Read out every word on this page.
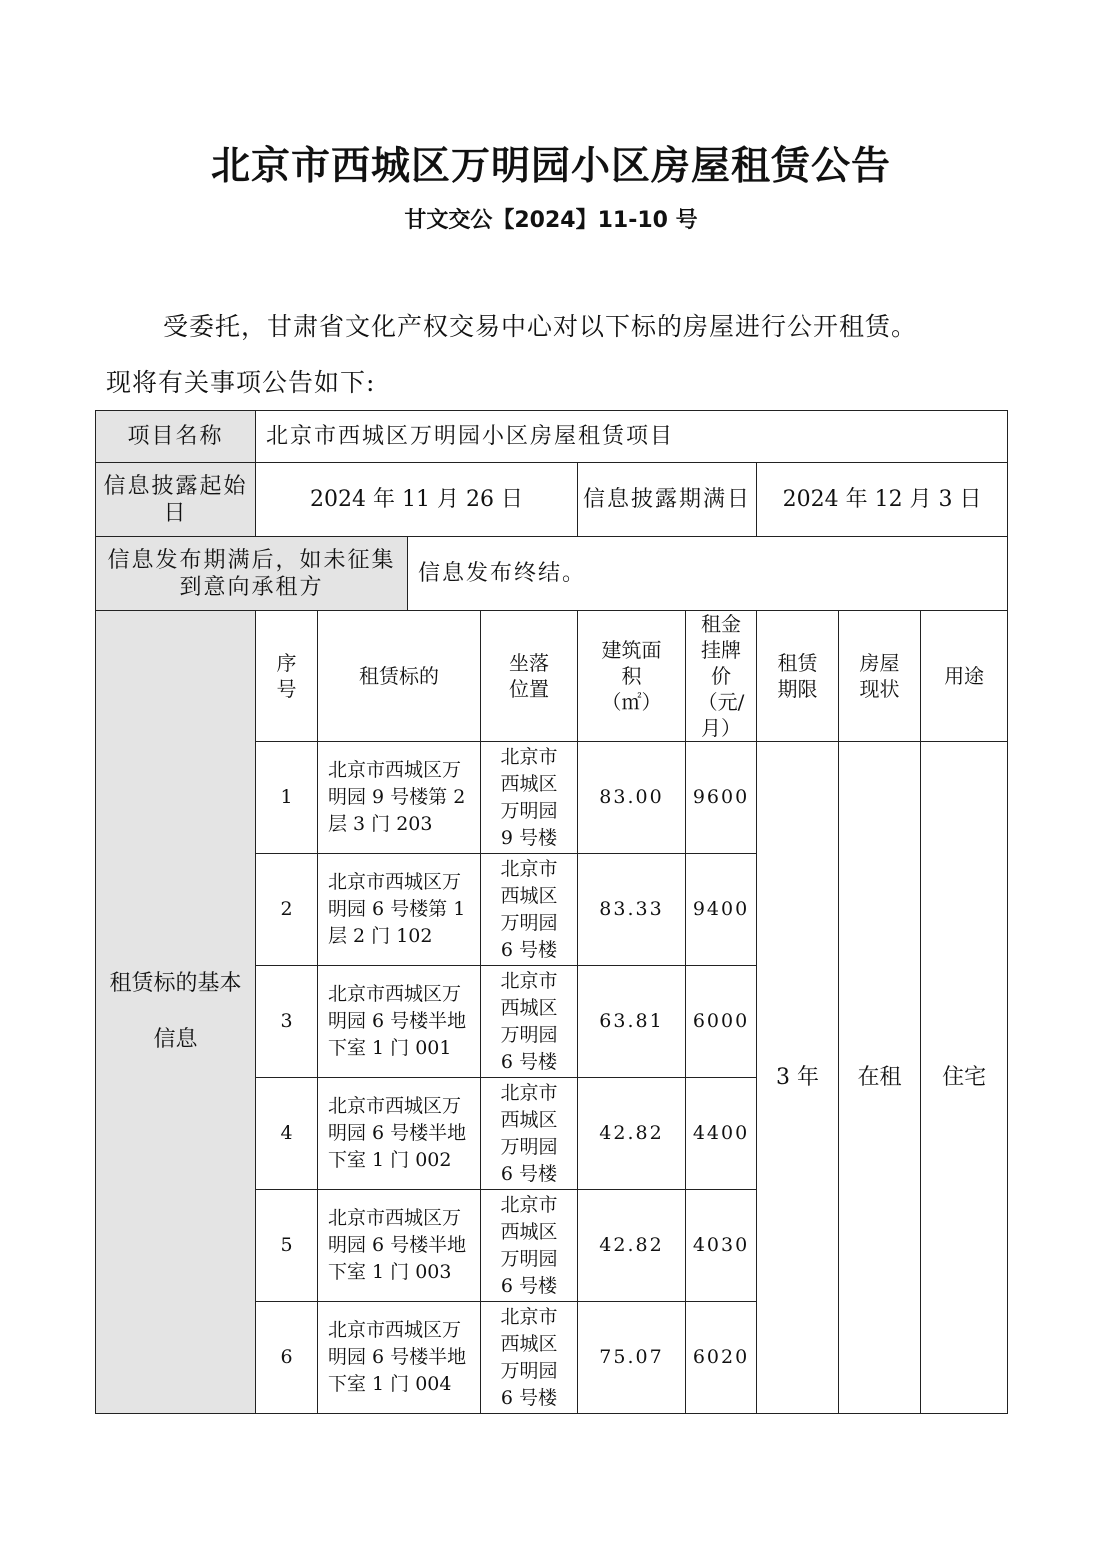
北京市西城区万明园小区房屋租赁公告
甘文交公【2024】11-10 号
受委托，甘肃省文化产权交易中心对以下标的房屋进行公开租赁。
现将有关事项公告如下:
项目名称	北京市西城区万明园小区房屋租赁项目								
信息披露起始日	2024 年 11 月 26 日				信息披露期满日		2024 年 12 月 3 日		
信息发布期满后，如未征集到意向承租方			信息发布终结。						
租赁标的基本信息	序号	租赁标的		坐落位置	建筑面积（㎡）	租金挂牌价（元/月）	租赁期限	房屋现状	用途
	1	北京市西城区万明园 9 号楼第 2 层 3 门 203		北京市西城区万明园 9 号楼	83.00	9600	3 年	在租	住宅
	2	北京市西城区万明园 6 号楼第 1 层 2 门 102		北京市西城区万明园 6 号楼	83.33	9400			
	3	北京市西城区万明园 6 号楼半地下室 1 门 001		北京市西城区万明园 6 号楼	63.81	6000			
	4	北京市西城区万明园 6 号楼半地下室 1 门 002		北京市西城区万明园 6 号楼	42.82	4400			
	5	北京市西城区万明园 6 号楼半地下室 1 门 003		北京市西城区万明园 6 号楼	42.82	4030			
	6	北京市西城区万明园 6 号楼半地下室 1 门 004		北京市西城区万明园 6 号楼	75.07	6020			
